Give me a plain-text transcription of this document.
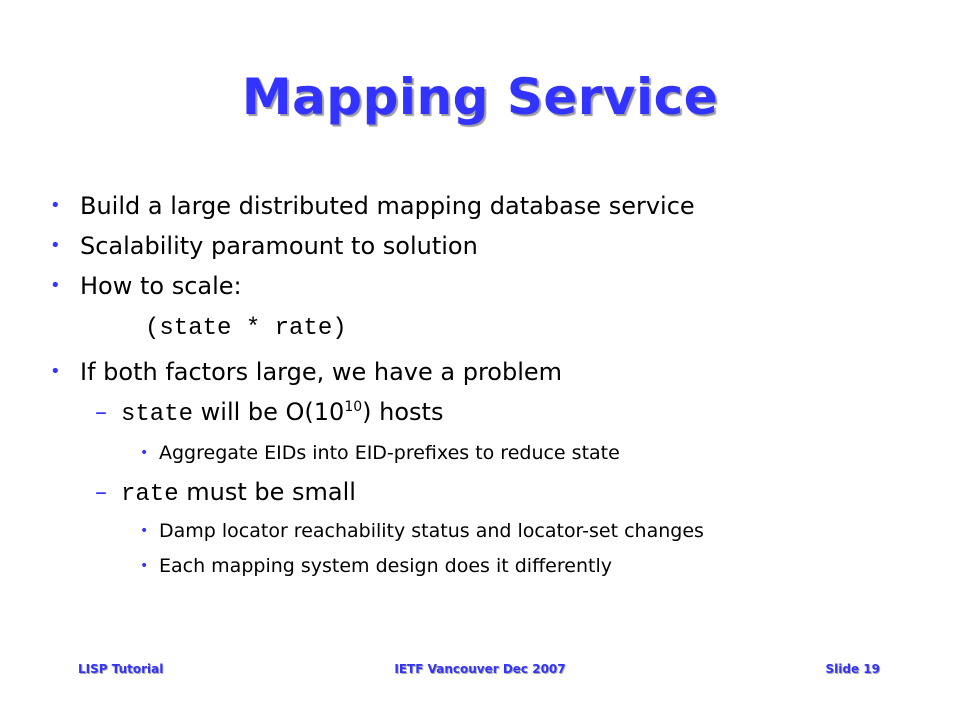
Mapping Service
• Build a large distributed mapping database service
• Scalability paramount to solution
• How to scale:
(state * rate)
• If both factors large, we have a problem
– state will be $O(10^{10})$ hosts
• Aggregate EIDs into EID-prefixes to reduce state
– rate must be small
• Damp locator reachability status and locator-set changes
• Each mapping system design does it differently
LISP Tutorial	IETF Vancouver Dec 2007	Slide 19
